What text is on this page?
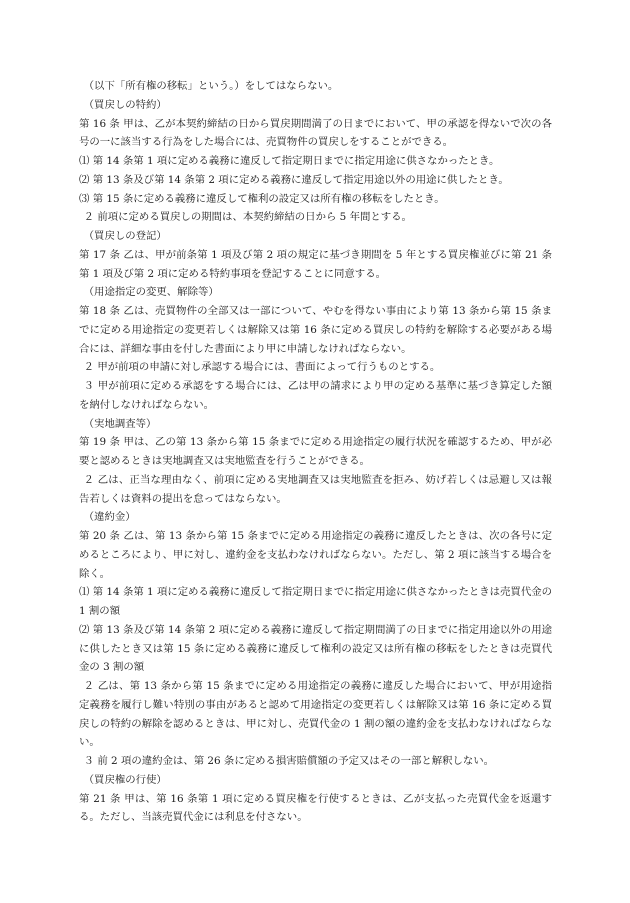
（以下「所有権の移転」という。）をしてはならない。

（買戻しの特約）

第 16 条 甲は、乙が本契約締結の日から買戻期間満了の日までにおいて、甲の承認を得ないで次の各号の一に該当する行為をした場合には、売買物件の買戻しをすることができる。

⑴ 第 14 条第 1 項に定める義務に違反して指定期日までに指定用途に供さなかったとき。

⑵ 第 13 条及び第 14 条第 2 項に定める義務に違反して指定用途以外の用途に供したとき。

⑶ 第 15 条に定める義務に違反して権利の設定又は所有権の移転をしたとき。

２ 前項に定める買戻しの期間は、本契約締結の日から 5 年間とする。

（買戻しの登記）

第 17 条 乙は、甲が前条第 1 項及び第 2 項の規定に基づき期間を 5 年とする買戻権並びに第 21 条第 1 項及び第 2 項に定める特約事項を登記することに同意する。

（用途指定の変更、解除等）

第 18 条 乙は、売買物件の全部又は一部について、やむを得ない事由により第 13 条から第 15 条までに定める用途指定の変更若しくは解除又は第 16 条に定める買戻しの特約を解除する必要がある場合には、詳細な事由を付した書面により甲に申請しなければならない。

２ 甲が前項の申請に対し承認する場合には、書面によって行うものとする。

３ 甲が前項に定める承認をする場合には、乙は甲の請求により甲の定める基準に基づき算定した額を納付しなければならない。

（実地調査等）

第 19 条 甲は、乙の第 13 条から第 15 条までに定める用途指定の履行状況を確認するため、甲が必要と認めるときは実地調査又は実地監査を行うことができる。

２ 乙は、正当な理由なく、前項に定める実地調査又は実地監査を拒み、妨げ若しくは忌避し又は報告若しくは資料の提出を怠ってはならない。

（違約金）

第 20 条 乙は、第 13 条から第 15 条までに定める用途指定の義務に違反したときは、次の各号に定めるところにより、甲に対し、違約金を支払わなければならない。ただし、第 2 項に該当する場合を除く。

⑴ 第 14 条第 1 項に定める義務に違反して指定期日までに指定用途に供さなかったときは売買代金の 1 割の額

⑵ 第 13 条及び第 14 条第 2 項に定める義務に違反して指定期間満了の日までに指定用途以外の用途に供したとき又は第 15 条に定める義務に違反して権利の設定又は所有権の移転をしたときは売買代金の 3 割の額

２ 乙は、第 13 条から第 15 条までに定める用途指定の義務に違反した場合において、甲が用途指定義務を履行し難い特別の事由があると認めて用途指定の変更若しくは解除又は第 16 条に定める買戻しの特約の解除を認めるときは、甲に対し、売買代金の 1 割の額の違約金を支払わなければならない。

３ 前 2 項の違約金は、第 26 条に定める損害賠償額の予定又はその一部と解釈しない。

（買戻権の行使）

第 21 条 甲は、第 16 条第 1 項に定める買戻権を行使するときは、乙が支払った売買代金を返還する。ただし、当該売買代金には利息を付さない。
